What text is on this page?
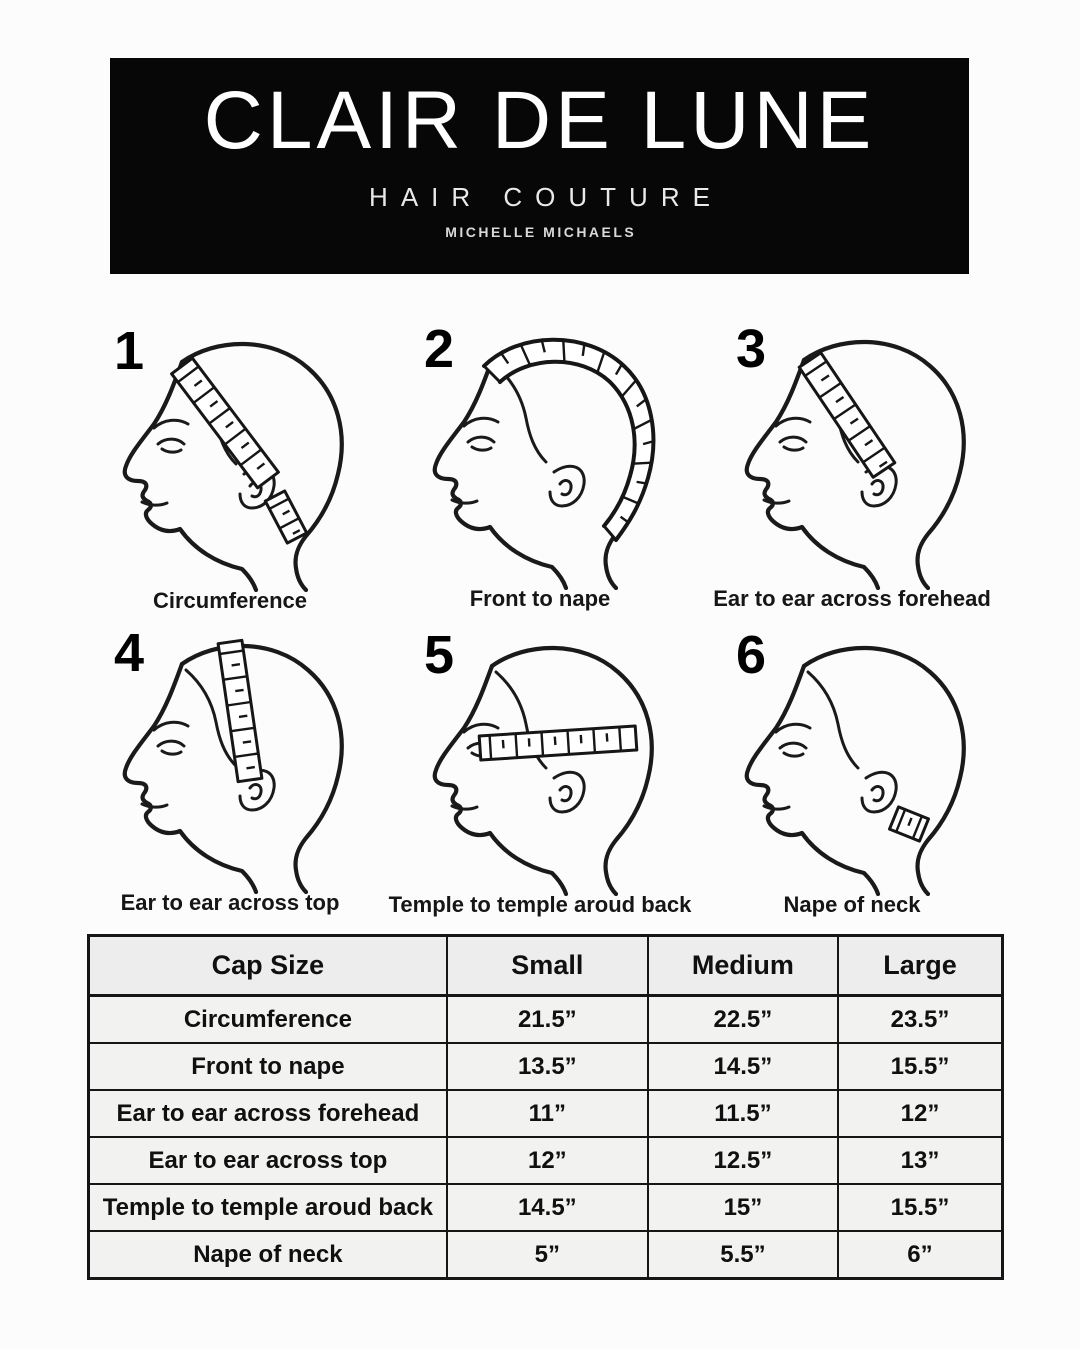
CLAIR DE LUNE
HAIR COUTURE
MICHELLE MICHAELS
1
Circumference
2
Front to nape
3
Ear to ear across forehead
4
Ear to ear across top
5
Temple to temple aroud back
6
Nape of neck
Cap Size	Small	Medium	Large
Circumference	21.5”	22.5”	23.5”
Front to nape	13.5”	14.5”	15.5”
Ear to ear across forehead	11”	11.5”	12”
Ear to ear across top	12”	12.5”	13”
Temple to temple aroud back	14.5”	15”	15.5”
Nape of neck	5”	5.5”	6”
